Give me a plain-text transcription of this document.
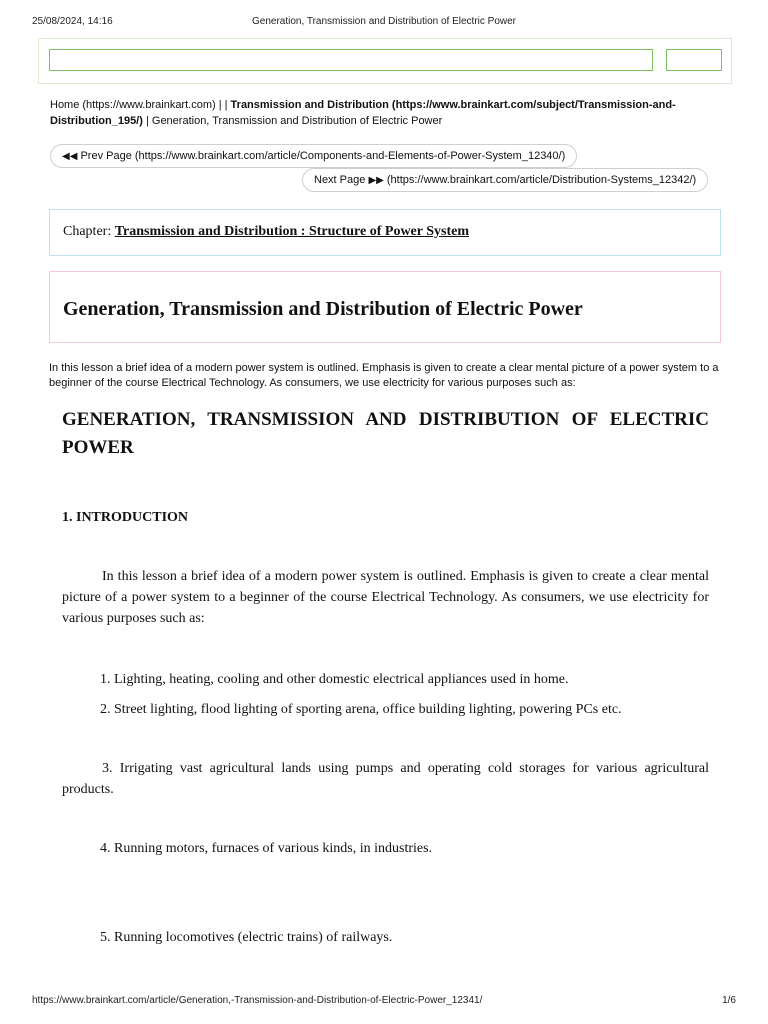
25/08/2024, 14:16	Generation, Transmission and Distribution of Electric Power
Home (https://www.brainkart.com) | | Transmission and Distribution (https://www.brainkart.com/subject/Transmission-and-Distribution_195/) | Generation, Transmission and Distribution of Electric Power
◀◀ Prev Page (https://www.brainkart.com/article/Components-and-Elements-of-Power-System_12340/)
Next Page ▶▶ (https://www.brainkart.com/article/Distribution-Systems_12342/)
Chapter: Transmission and Distribution : Structure of Power System
Generation, Transmission and Distribution of Electric Power
In this lesson a brief idea of a modern power system is outlined. Emphasis is given to create a clear mental picture of a power system to a beginner of the course Electrical Technology. As consumers, we use electricity for various purposes such as:

GENERATION, TRANSMISSION AND DISTRIBUTION OF ELECTRIC POWER

1. INTRODUCTION
In this lesson a brief idea of a modern power system is outlined. Emphasis is given to create a clear mental picture of a power system to a beginner of the course Electrical Technology. As consumers, we use electricity for various purposes such as:
1. Lighting, heating, cooling and other domestic electrical appliances used in home.
2. Street lighting, flood lighting of sporting arena, office building lighting, powering PCs etc.
3. Irrigating vast agricultural lands using pumps and operating cold storages for various agricultural products.
4. Running motors, furnaces of various kinds, in industries.
5. Running locomotives (electric trains) of railways.
https://www.brainkart.com/article/Generation,-Transmission-and-Distribution-of-Electric-Power_12341/	1/6
